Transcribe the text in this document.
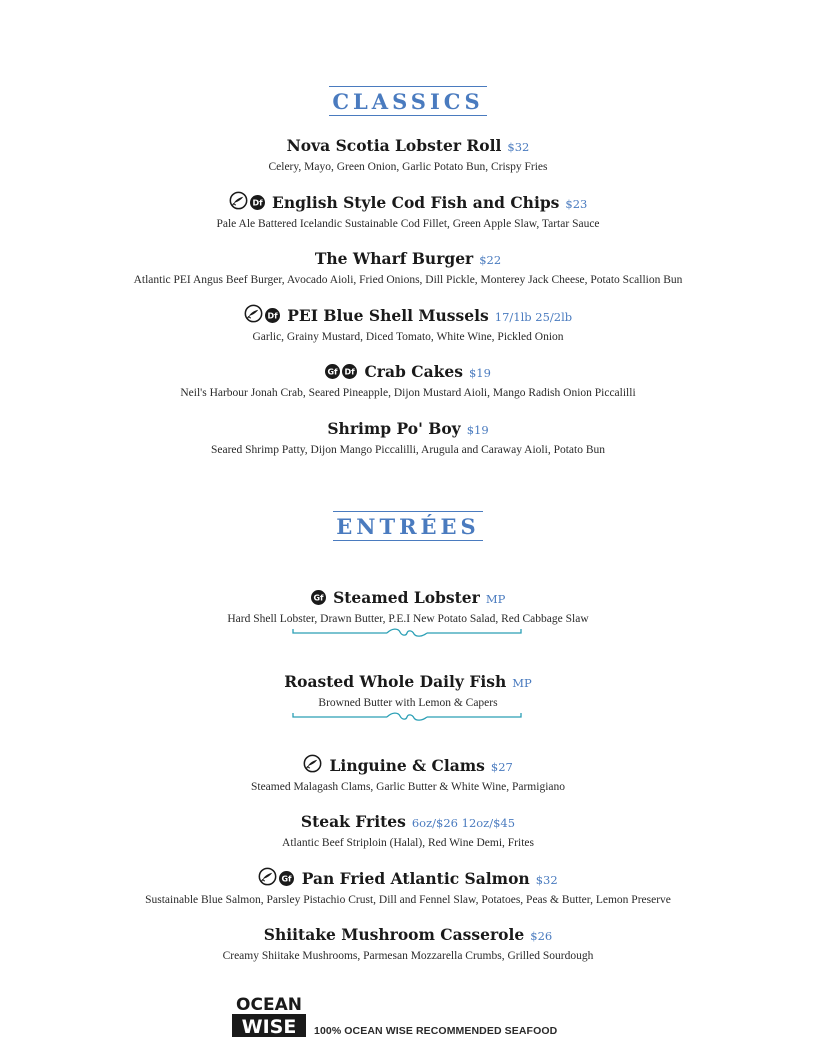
CLASSICS
Nova Scotia Lobster Roll $32
Celery, Mayo, Green Onion, Garlic Potato Bun, Crispy Fries
Df English Style Cod Fish and Chips $23
Pale Ale Battered Icelandic Sustainable Cod Fillet, Green Apple Slaw, Tartar Sauce
The Wharf Burger $22
Atlantic PEI Angus Beef Burger, Avocado Aioli, Fried Onions, Dill Pickle, Monterey Jack Cheese, Potato Scallion Bun
Df PEI Blue Shell Mussels 17/1lb 25/2lb
Garlic, Grainy Mustard, Diced Tomato, White Wine, Pickled Onion
Gf Df Crab Cakes $19
Neil's Harbour Jonah Crab, Seared Pineapple, Dijon Mustard Aioli, Mango Radish Onion Piccalilli
Shrimp Po' Boy $19
Seared Shrimp Patty, Dijon Mango Piccalilli, Arugula and Caraway Aioli, Potato Bun
ENTRÉES
Gf Steamed Lobster MP
Hard Shell Lobster, Drawn Butter, P.E.I New Potato Salad, Red Cabbage Slaw
Roasted Whole Daily Fish MP
Browned Butter with Lemon & Capers
Linguine & Clams $27
Steamed Malagash Clams, Garlic Butter & White Wine, Parmigiano
Steak Frites 6oz/$26 12oz/$45
Atlantic Beef Striploin (Halal), Red Wine Demi, Frites
Gf Pan Fried Atlantic Salmon $32
Sustainable Blue Salmon, Parsley Pistachio Crust, Dill and Fennel Slaw, Potatoes, Peas & Butter, Lemon Preserve
Shiitake Mushroom Casserole $26
Creamy Shiitake Mushrooms, Parmesan Mozzarella Crumbs, Grilled Sourdough
OCEAN
WISE 100% OCEAN WISE RECOMMENDED SEAFOOD
